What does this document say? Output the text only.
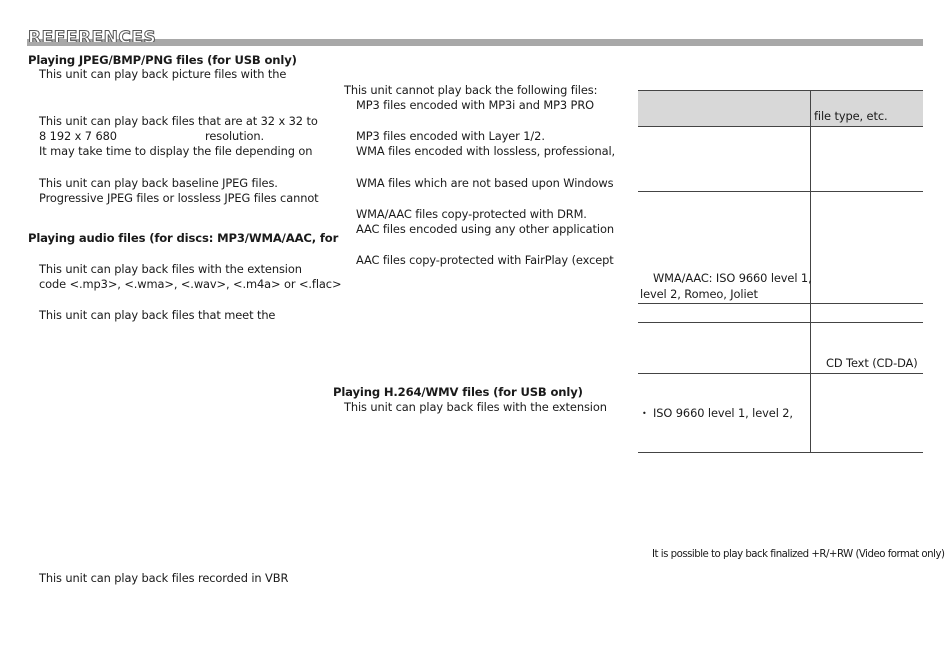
REFERENCES
Playing JPEG/BMP/PNG files (for USB only)
This unit can play back picture files with the
This unit can play back files that are at 32 x 32 to
8 192 x 7 680	resolution.
It may take time to display the file depending on
This unit can play back baseline JPEG files.
Progressive JPEG files or lossless JPEG files cannot
Playing audio files (for discs: MP3/WMA/AAC, for
This unit can play back files with the extension
code <.mp3>, <.wma>, <.wav>, <.m4a> or <.flac>
This unit can play back files that meet the
This unit can play back files recorded in VBR
This unit cannot play back the following files:
MP3 files encoded with MP3i and MP3 PRO
MP3 files encoded with Layer 1/2.
WMA files encoded with lossless, professional,
WMA files which are not based upon Windows
WMA/AAC files copy-protected with DRM.
AAC files encoded using any other application
AAC files copy-protected with FairPlay (except
Playing H.264/WMV files (for USB only)
This unit can play back files with the extension
file type, etc.
WMA/AAC: ISO 9660 level 1,
level 2, Romeo, Joliet
CD Text (CD-DA)
• ISO 9660 level 1, level 2,
It is possible to play back finalized +R/+RW (Video format only)
